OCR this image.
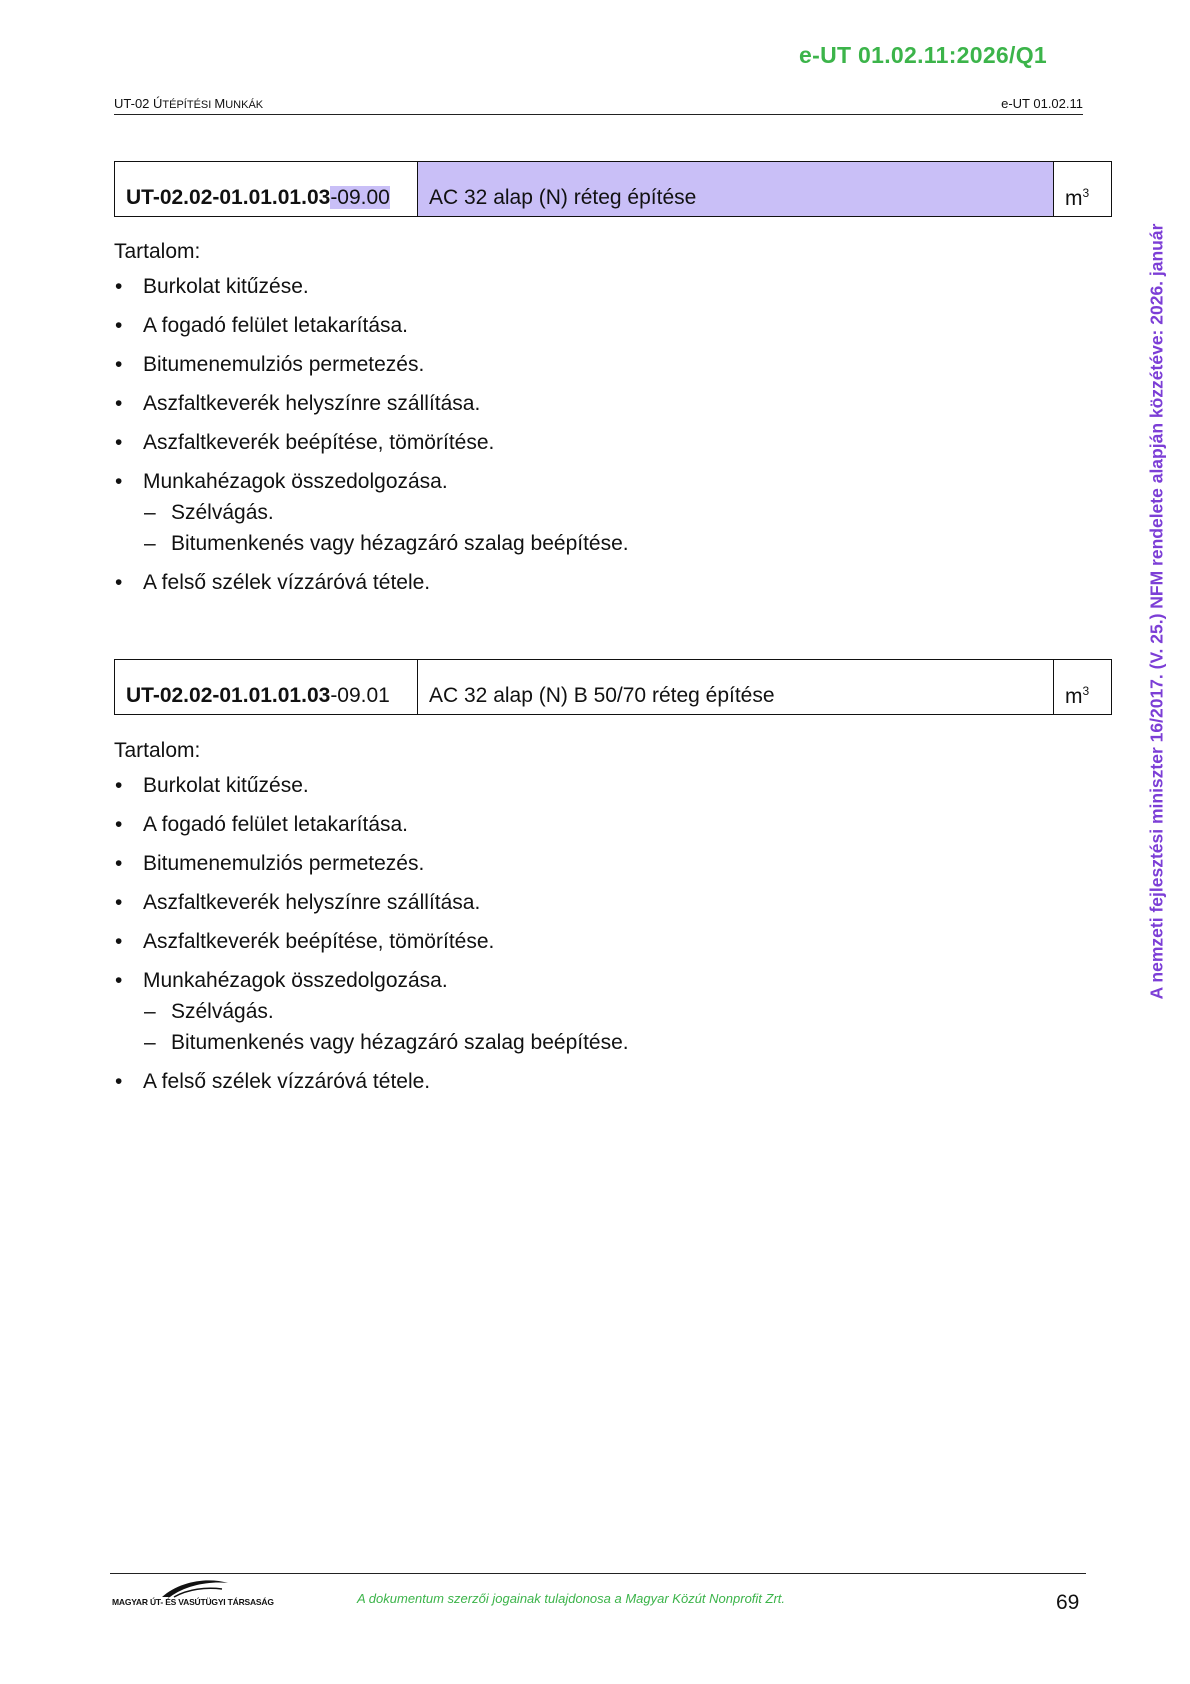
e-UT 01.02.11:2026/Q1
UT-02 ÚTÉPÍTÉSI MUNKÁK	e-UT 01.02.11
A nemzeti fejlesztési miniszter 16/2017. (V. 25.) NFM rendelete alapján közzétéve: 2026. január
UT-02.02-01.01.01.03-09.00	AC 32 alap (N) réteg építése	$m^3$
Tartalom:
• Burkolat kitűzése.
• A fogadó felület letakarítása.
• Bitumenemulziós permetezés.
• Aszfaltkeverék helyszínre szállítása.
• Aszfaltkeverék beépítése, tömörítése.
• Munkahézagok összedolgozása.
– Szélvágás.
– Bitumenkenés vagy hézagzáró szalag beépítése.
• A felső szélek vízzáróvá tétele.
UT-02.02-01.01.01.03-09.01	AC 32 alap (N) B 50/70 réteg építése	$m^3$
Tartalom:
• Burkolat kitűzése.
• A fogadó felület letakarítása.
• Bitumenemulziós permetezés.
• Aszfaltkeverék helyszínre szállítása.
• Aszfaltkeverék beépítése, tömörítése.
• Munkahézagok összedolgozása.
– Szélvágás.
– Bitumenkenés vagy hézagzáró szalag beépítése.
• A felső szélek vízzáróvá tétele.
MAGYAR ÚT- ÉS VASÚTÜGYI TÁRSASÁG	A dokumentum szerzői jogainak tulajdonosa a Magyar Közút Nonprofit Zrt.	69
